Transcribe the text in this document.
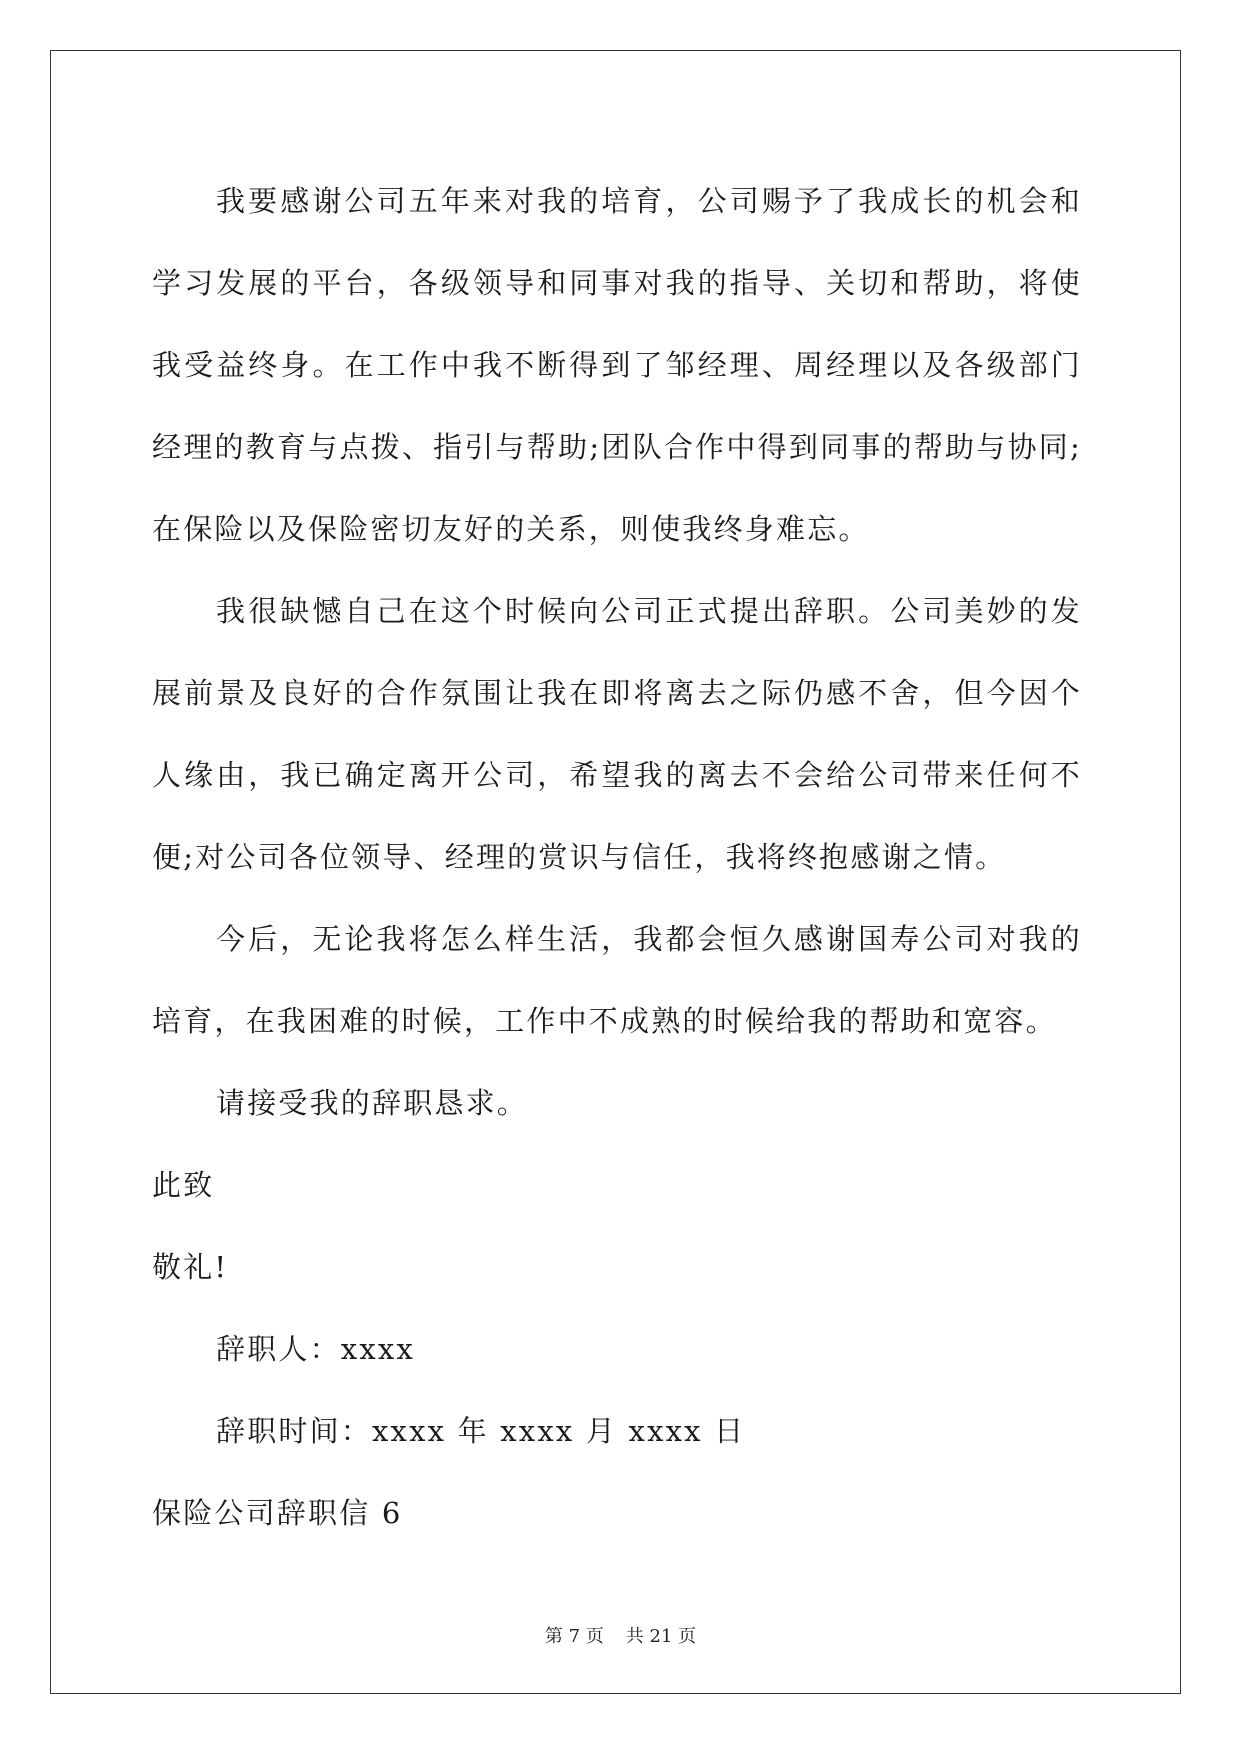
我要感谢公司五年来对我的培育，公司赐予了我成长的机会和学习发展的平台，各级领导和同事对我的指导、关切和帮助，将使我受益终身。在工作中我不断得到了邹经理、周经理以及各级部门经理的教育与点拨、指引与帮助;团队合作中得到同事的帮助与协同;在保险以及保险密切友好的关系，则使我终身难忘。

我很缺憾自己在这个时候向公司正式提出辞职。公司美妙的发展前景及良好的合作氛围让我在即将离去之际仍感不舍，但今因个人缘由，我已确定离开公司，希望我的离去不会给公司带来任何不便;对公司各位领导、经理的赏识与信任，我将终抱感谢之情。

今后，无论我将怎么样生活，我都会恒久感谢国寿公司对我的培育，在我困难的时候，工作中不成熟的时候给我的帮助和宽容。

请接受我的辞职恳求。

此致

敬礼!

辞职人：xxxx

辞职时间：xxxx 年 xxxx 月 xxxx 日

保险公司辞职信 6

第 7 页 共 21 页
